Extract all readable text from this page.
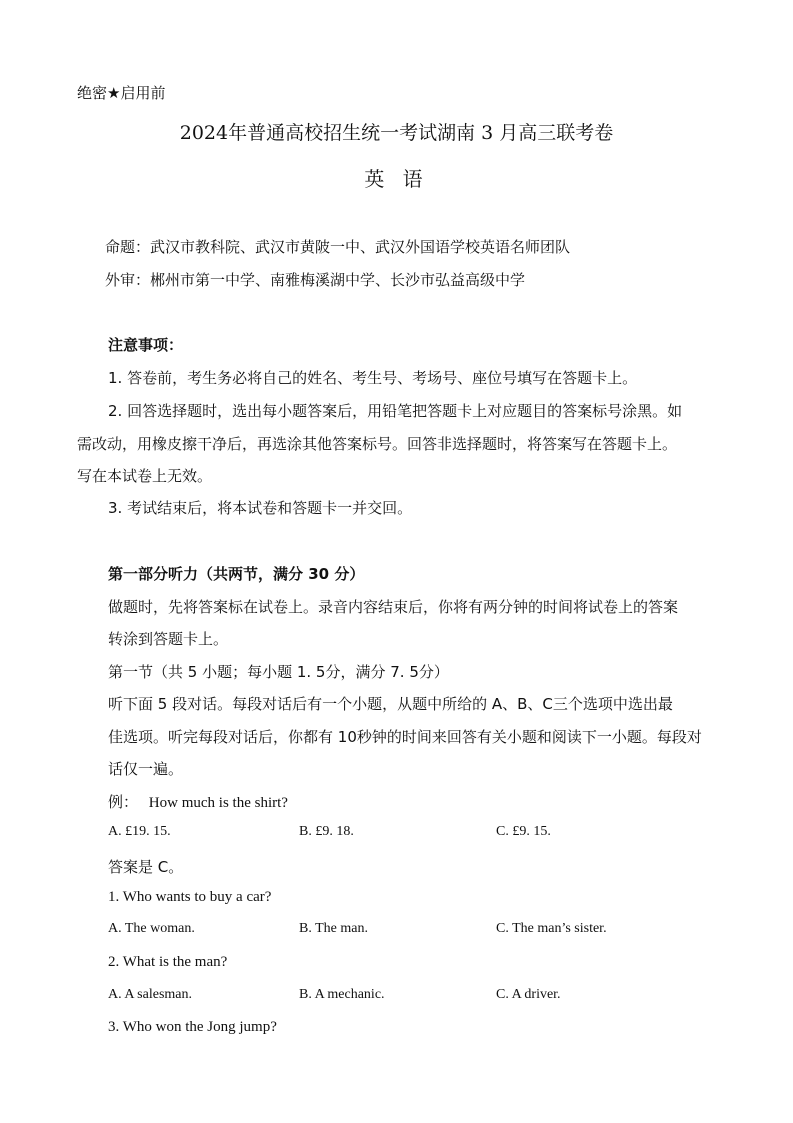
绝密★启用前
2024年普通高校招生统一考试湖南 3 月高三联考卷
英 语
命题：武汉市教科院、武汉市黄陂一中、武汉外国语学校英语名师团队
外审：郴州市第一中学、南雅梅溪湖中学、长沙市弘益高级中学
注意事项：
1. 答卷前，考生务必将自己的姓名、考生号、考场号、座位号填写在答题卡上。
2. 回答选择题时，选出每小题答案后，用铅笔把答题卡上对应题目的答案标号涂黑。如
需改动，用橡皮擦干净后，再选涂其他答案标号。回答非选择题时，将答案写在答题卡上。
写在本试卷上无效。
3. 考试结束后，将本试卷和答题卡一并交回。
第一部分听力（共两节，满分 30 分）
做题时，先将答案标在试卷上。录音内容结束后，你将有两分钟的时间将试卷上的答案
转涂到答题卡上。
第一节（共 5 小题；每小题 1. 5分，满分 7. 5分）
听下面 5 段对话。每段对话后有一个小题，从题中所给的 A、B、C三个选项中选出最
佳选项。听完每段对话后，你都有 10秒钟的时间来回答有关小题和阅读下一小题。每段对
话仅一遍。
例： How much is the shirt?
A. £19. 15.	B. £9. 18.	C. £9. 15.
答案是 C。
1. Who wants to buy a car?
A. The woman.	B. The man.	C. The man’s sister.
2. What is the man?
A. A salesman.	B. A mechanic.	C. A driver.
3. Who won the Jong jump?
